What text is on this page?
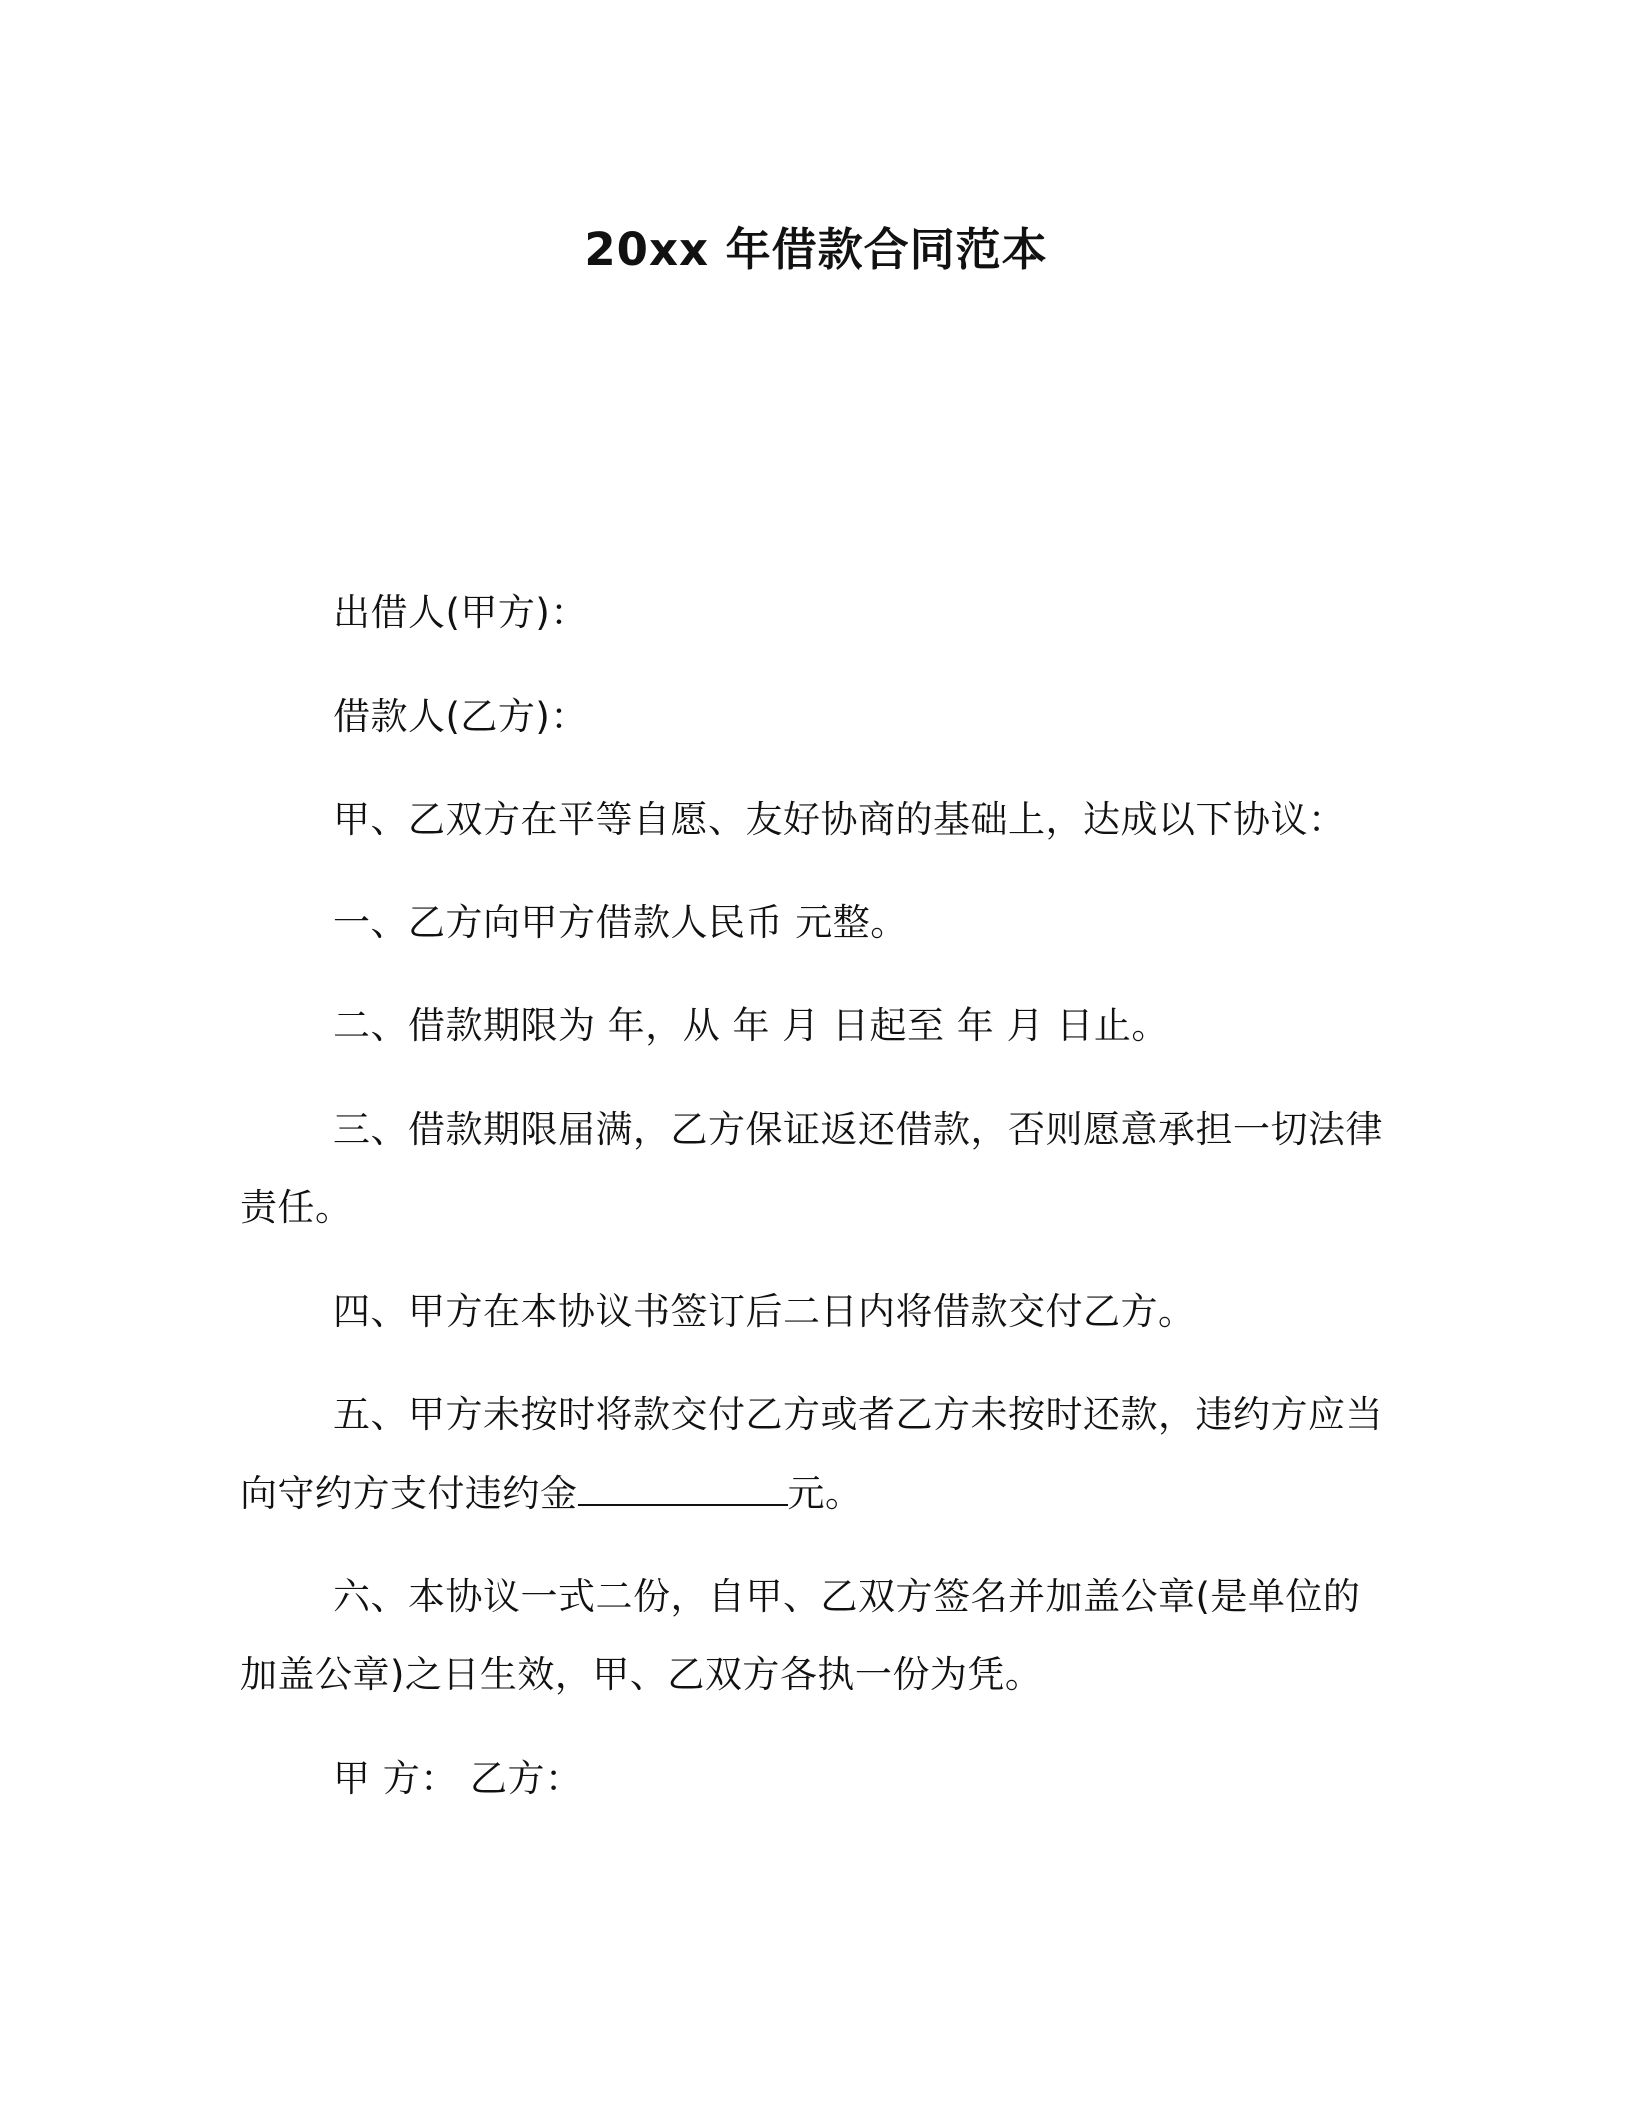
20xx 年借款合同范本
出借人(甲方)：
借款人(乙方)：
甲、乙双方在平等自愿、友好协商的基础上，达成以下协议：
一、乙方向甲方借款人民币 元整。
二、借款期限为 年，从 年 月 日起至 年 月 日止。
三、借款期限届满，乙方保证返还借款，否则愿意承担一切法律
责任。
四、甲方在本协议书签订后二日内将借款交付乙方。
五、甲方未按时将款交付乙方或者乙方未按时还款，违约方应当
向守约方支付违约金	元。
六、本协议一式二份，自甲、乙双方签名并加盖公章(是单位的
加盖公章)之日生效，甲、乙双方各执一份为凭。
甲 方： 乙方：
